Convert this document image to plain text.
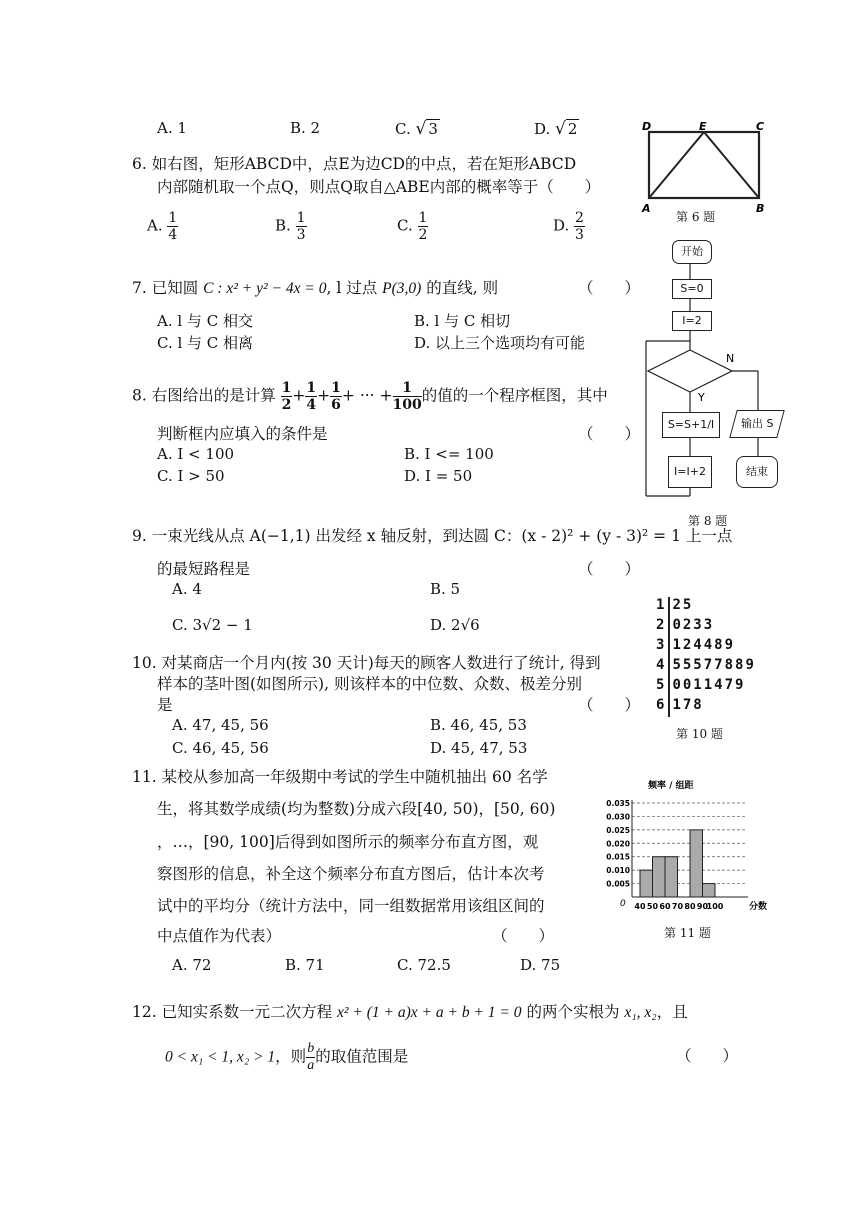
A. 1	B. 2	C. √ 3	D. √ 2
6. 如右图，矩形ABCD中，点E为边CD的中点，若在矩形ABCD
内部随机取一个点Q，则点Q取自△ABE内部的概率等于（　　）
A. $\frac{1}{4}$	B. $\frac{1}{3}$	C. $\frac{1}{2}$	D. $\frac{2}{3}$
D	E	C
A	B
第 6 题
7. 已知圆 C : x² + y² − 4x = 0, l 过点 P(3,0) 的直线, 则	（　　）
A. l 与 C 相交	B. l 与 C 相切
C. l 与 C 相离	D. 以上三个选项均有可能
8. 右图给出的是计算 $\frac{1}{2} + \frac{1}{4} + \frac{1}{6}$ + ··· + $\frac{1}{100}$ 的值的一个程序框图，其中
判断框内应填入的条件是	（　　）
A. I < 100	B. I <= 100
C. I > 50	D. I = 50
N
Y
开始
S=0
I=2
S=S+1/I	输出 S
I=I+2	结束
第 8 题
9. 一束光线从点 A(−1,1) 出发经 x 轴反射，到达圆 C：(x - 2)² + (y - 3)² = 1 上一点
的最短路程是	（　　）
A. 4	B. 5
C. 3√2 − 1	D. 2√6
10. 对某商店一个月内(按 30 天计)每天的顾客人数进行了统计, 得到
样本的茎叶图(如图所示), 则该样本的中位数、众数、极差分别
是	（　　）
A. 47, 45, 56	B. 46, 45, 53
C. 46, 45, 56	D. 45, 47, 53
1 25
2 0233
3 124489
4 55577889
5 0011479
6 178
第 10 题
11. 某校从参加高一年级期中考试的学生中随机抽出 60 名学
生，将其数学成绩(均为整数)分成六段[40, 50)，[50, 60)
，…，[90, 100]后得到如图所示的频率分布直方图，观
察图形的信息，补全这个频率分布直方图后，估计本次考
试中的平均分（统计方法中，同一组数据常用该组区间的
中点值作为代表）	（　　）
A. 72	B. 71	C. 72.5	D. 75
频率 / 组距
0.035
0.030
0.025
0.020
0.015
0.010
0.005
40 50 60 70 80 90
100
0	分数
第 11 题
12. 已知实系数一元二次方程 x² + (1 + a)x + a + b + 1 = 0 的两个实根为 x₁, x₂，且
0 < x₁ < 1, x₂ > 1，则 $\frac{b}{a}$ 的取值范围是	（　　）
